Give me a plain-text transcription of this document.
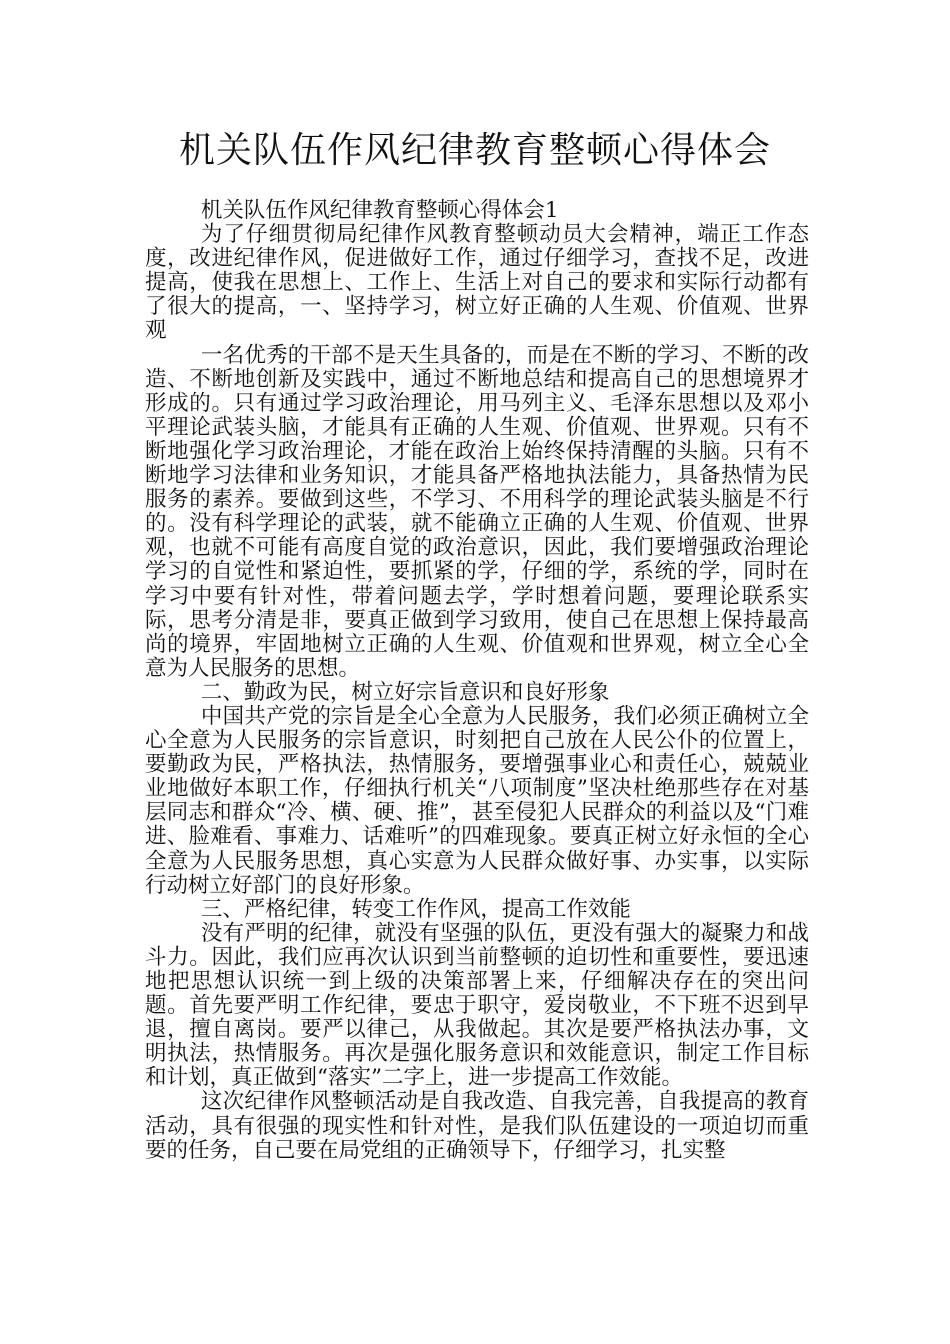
机关队伍作风纪律教育整顿心得体会

机关队伍作风纪律教育整顿心得体会1

为了仔细贯彻局纪律作风教育整顿动员大会精神，端正工作态度，改进纪律作风，促进做好工作，通过仔细学习，查找不足，改进提高，使我在思想上、工作上、生活上对自己的要求和实际行动都有了很大的提高，一、坚持学习，树立好正确的人生观、价值观、世界观

一名优秀的干部不是天生具备的，而是在不断的学习、不断的改造、不断地创新及实践中，通过不断地总结和提高自己的思想境界才形成的。只有通过学习政治理论，用马列主义、毛泽东思想以及邓小平理论武装头脑，才能具有正确的人生观、价值观、世界观。只有不断地强化学习政治理论，才能在政治上始终保持清醒的头脑。只有不断地学习法律和业务知识，才能具备严格地执法能力，具备热情为民服务的素养。要做到这些，不学习、不用科学的理论武装头脑是不行的。没有科学理论的武装，就不能确立正确的人生观、价值观、世界观，也就不可能有高度自觉的政治意识，因此，我们要增强政治理论学习的自觉性和紧迫性，要抓紧的学，仔细的学，系统的学，同时在学习中要有针对性，带着问题去学，学时想着问题，要理论联系实际，思考分清是非，要真正做到学习致用，使自己在思想上保持最高尚的境界，牢固地树立正确的人生观、价值观和世界观，树立全心全意为人民服务的思想。

二、勤政为民，树立好宗旨意识和良好形象

中国共产党的宗旨是全心全意为人民服务，我们必须正确树立全心全意为人民服务的宗旨意识，时刻把自己放在人民公仆的位置上，要勤政为民，严格执法，热情服务，要增强事业心和责任心，兢兢业业地做好本职工作，仔细执行机关“八项制度”坚决杜绝那些存在对基层同志和群众“冷、横、硬、推”，甚至侵犯人民群众的利益以及“门难进、脸难看、事难力、话难听”的四难现象。要真正树立好永恒的全心全意为人民服务思想，真心实意为人民群众做好事、办实事，以实际行动树立好部门的良好形象。

三、严格纪律，转变工作作风，提高工作效能

没有严明的纪律，就没有坚强的队伍，更没有强大的凝聚力和战斗力。因此，我们应再次认识到当前整顿的迫切性和重要性，要迅速地把思想认识统一到上级的决策部署上来，仔细解决存在的突出问题。首先要严明工作纪律，要忠于职守，爱岗敬业，不下班不迟到早退，擅自离岗。要严以律己，从我做起。其次是要严格执法办事，文明执法，热情服务。再次是强化服务意识和效能意识，制定工作目标和计划，真正做到“落实”二字上，进一步提高工作效能。

这次纪律作风整顿活动是自我改造、自我完善，自我提高的教育活动，具有很强的现实性和针对性，是我们队伍建设的一项迫切而重要的任务，自己要在局党组的正确领导下，仔细学习，扎实整
